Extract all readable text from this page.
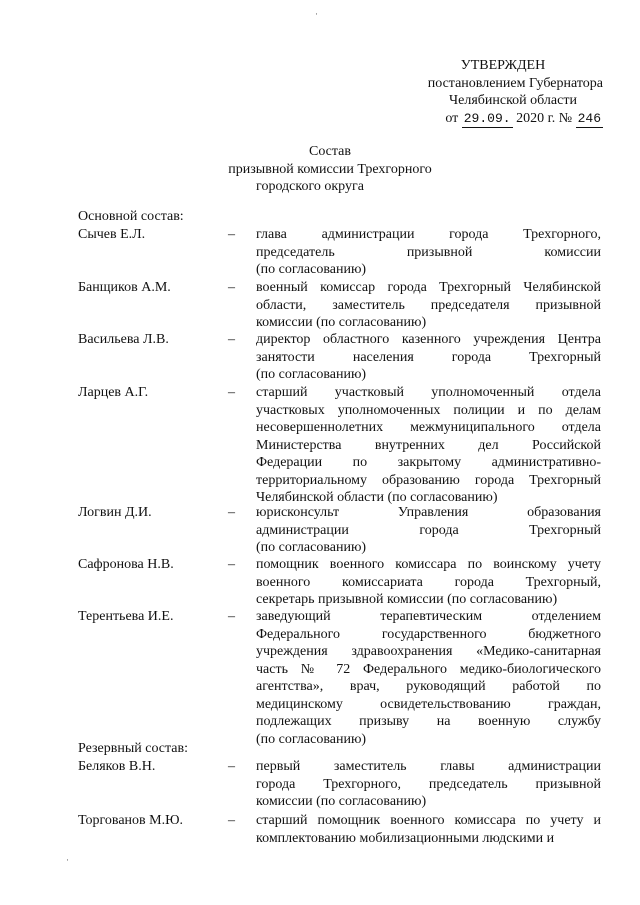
УТВЕРЖДЕН
постановлением Губернатора
Челябинской области
от 29.09. 2020 г. № 246
Состав
призывной комиссии Трехгорного
городского округа
Основной состав:
Сычев Е.Л.	–	глава администрации города Трехгорного,
председатель призывной комиссии
(по согласованию)
Банщиков А.М.	–	военный комиссар города Трехгорный Челябинской
области, заместитель председателя призывной
комиссии (по согласованию)
Васильева Л.В.	–	директор областного казенного учреждения Центра
занятости населения города Трехгорный
(по согласованию)
Ларцев А.Г.	–	старший участковый уполномоченный отдела
участковых уполномоченных полиции и по делам
несовершеннолетних межмуниципального отдела
Министерства внутренних дел Российской
Федерации по закрытому административно-
территориальному образованию города Трехгорный
Челябинской области (по согласованию)
Логвин Д.И.	–	юрисконсульт Управления образования
администрации города Трехгорный
(по согласованию)
Сафронова Н.В.	–	помощник военного комиссара по воинскому учету
военного комиссариата города Трехгорный,
секретарь призывной комиссии (по согласованию)
Терентьева И.Е.	–	заведующий терапевтическим отделением
Федерального государственного бюджетного
учреждения здравоохранения «Медико-санитарная
часть № 72 Федерального медико-биологического
агентства», врач, руководящий работой по
медицинскому освидетельствованию граждан,
подлежащих призыву на военную службу
(по согласованию)
Резервный состав:
Беляков В.Н.	–	первый заместитель главы администрации
города Трехгорного, председатель призывной
комиссии (по согласованию)
Торгованов М.Ю.	–	старший помощник военного комиссара по учету и
комплектованию мобилизационными людскими и
·
·
